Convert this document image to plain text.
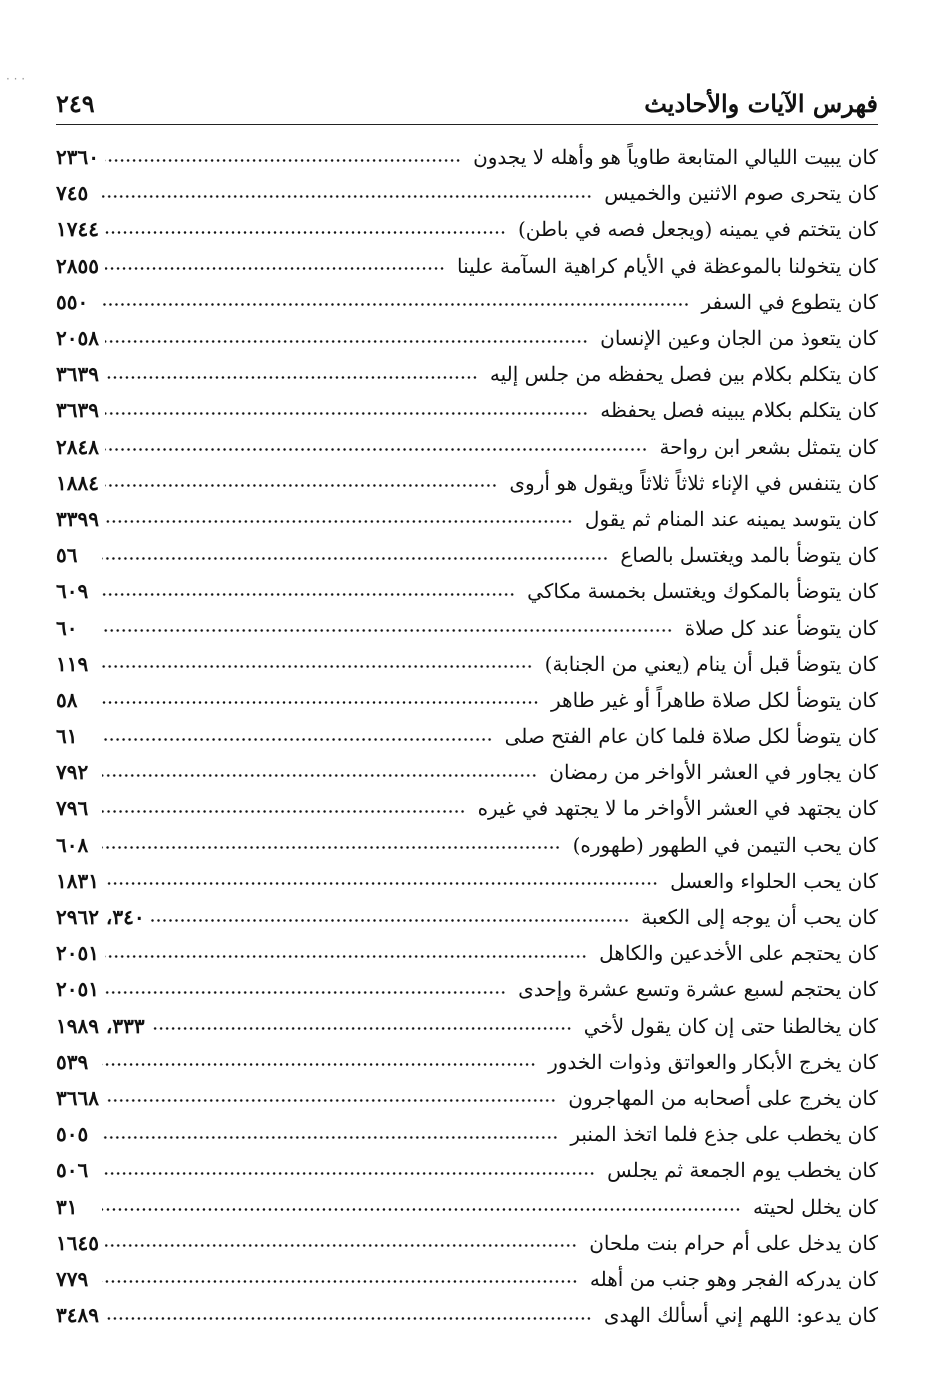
· · ·
فهرس الآيات والأحاديث
٢٤٩
كان يبيت الليالي المتابعة طاوياً هو وأهله لا يجدون
٢٣٦٠
كان يتحرى صوم الاثنين والخميس
٧٤٥
كان يتختم في يمينه (ويجعل فصه في باطن)
١٧٤٤
كان يتخولنا بالموعظة في الأيام كراهية السآمة علينا
٢٨٥٥
كان يتطوع في السفر
٥٥٠
كان يتعوذ من الجان وعين الإنسان
٢٠٥٨
كان يتكلم بكلام بين فصل يحفظه من جلس إليه
٣٦٣٩
كان يتكلم بكلام يبينه فصل يحفظه
٣٦٣٩
كان يتمثل بشعر ابن رواحة
٢٨٤٨
كان يتنفس في الإناء ثلاثاً ثلاثاً ويقول هو أروى
١٨٨٤
كان يتوسد يمينه عند المنام ثم يقول
٣٣٩٩
كان يتوضأ بالمد ويغتسل بالصاع
٥٦
كان يتوضأ بالمكوك ويغتسل بخمسة مكاكي
٦٠٩
كان يتوضأ عند كل صلاة
٦٠
كان يتوضأ قبل أن ينام (يعني من الجنابة)
١١٩
كان يتوضأ لكل صلاة طاهراً أو غير طاهر
٥٨
كان يتوضأ لكل صلاة فلما كان عام الفتح صلى
٦١
كان يجاور في العشر الأواخر من رمضان
٧٩٢
كان يجتهد في العشر الأواخر ما لا يجتهد في غيره
٧٩٦
كان يحب التيمن في الطهور (طهوره)
٦٠٨
كان يحب الحلواء والعسل
١٨٣١
كان يحب أن يوجه إلى الكعبة
٣٤٠، ٢٩٦٢
كان يحتجم على الأخدعين والكاهل
٢٠٥١
كان يحتجم لسبع عشرة وتسع عشرة وإحدى
٢٠٥١
كان يخالطنا حتى إن كان يقول لأخي
٣٣٣، ١٩٨٩
كان يخرج الأبكار والعواتق وذوات الخدور
٥٣٩
كان يخرج على أصحابه من المهاجرون
٣٦٦٨
كان يخطب على جذع فلما اتخذ المنبر
٥٠٥
كان يخطب يوم الجمعة ثم يجلس
٥٠٦
كان يخلل لحيته
٣١
كان يدخل على أم حرام بنت ملحان
١٦٤٥
كان يدركه الفجر وهو جنب من أهله
٧٧٩
كان يدعو: اللهم إني أسألك الهدى
٣٤٨٩
